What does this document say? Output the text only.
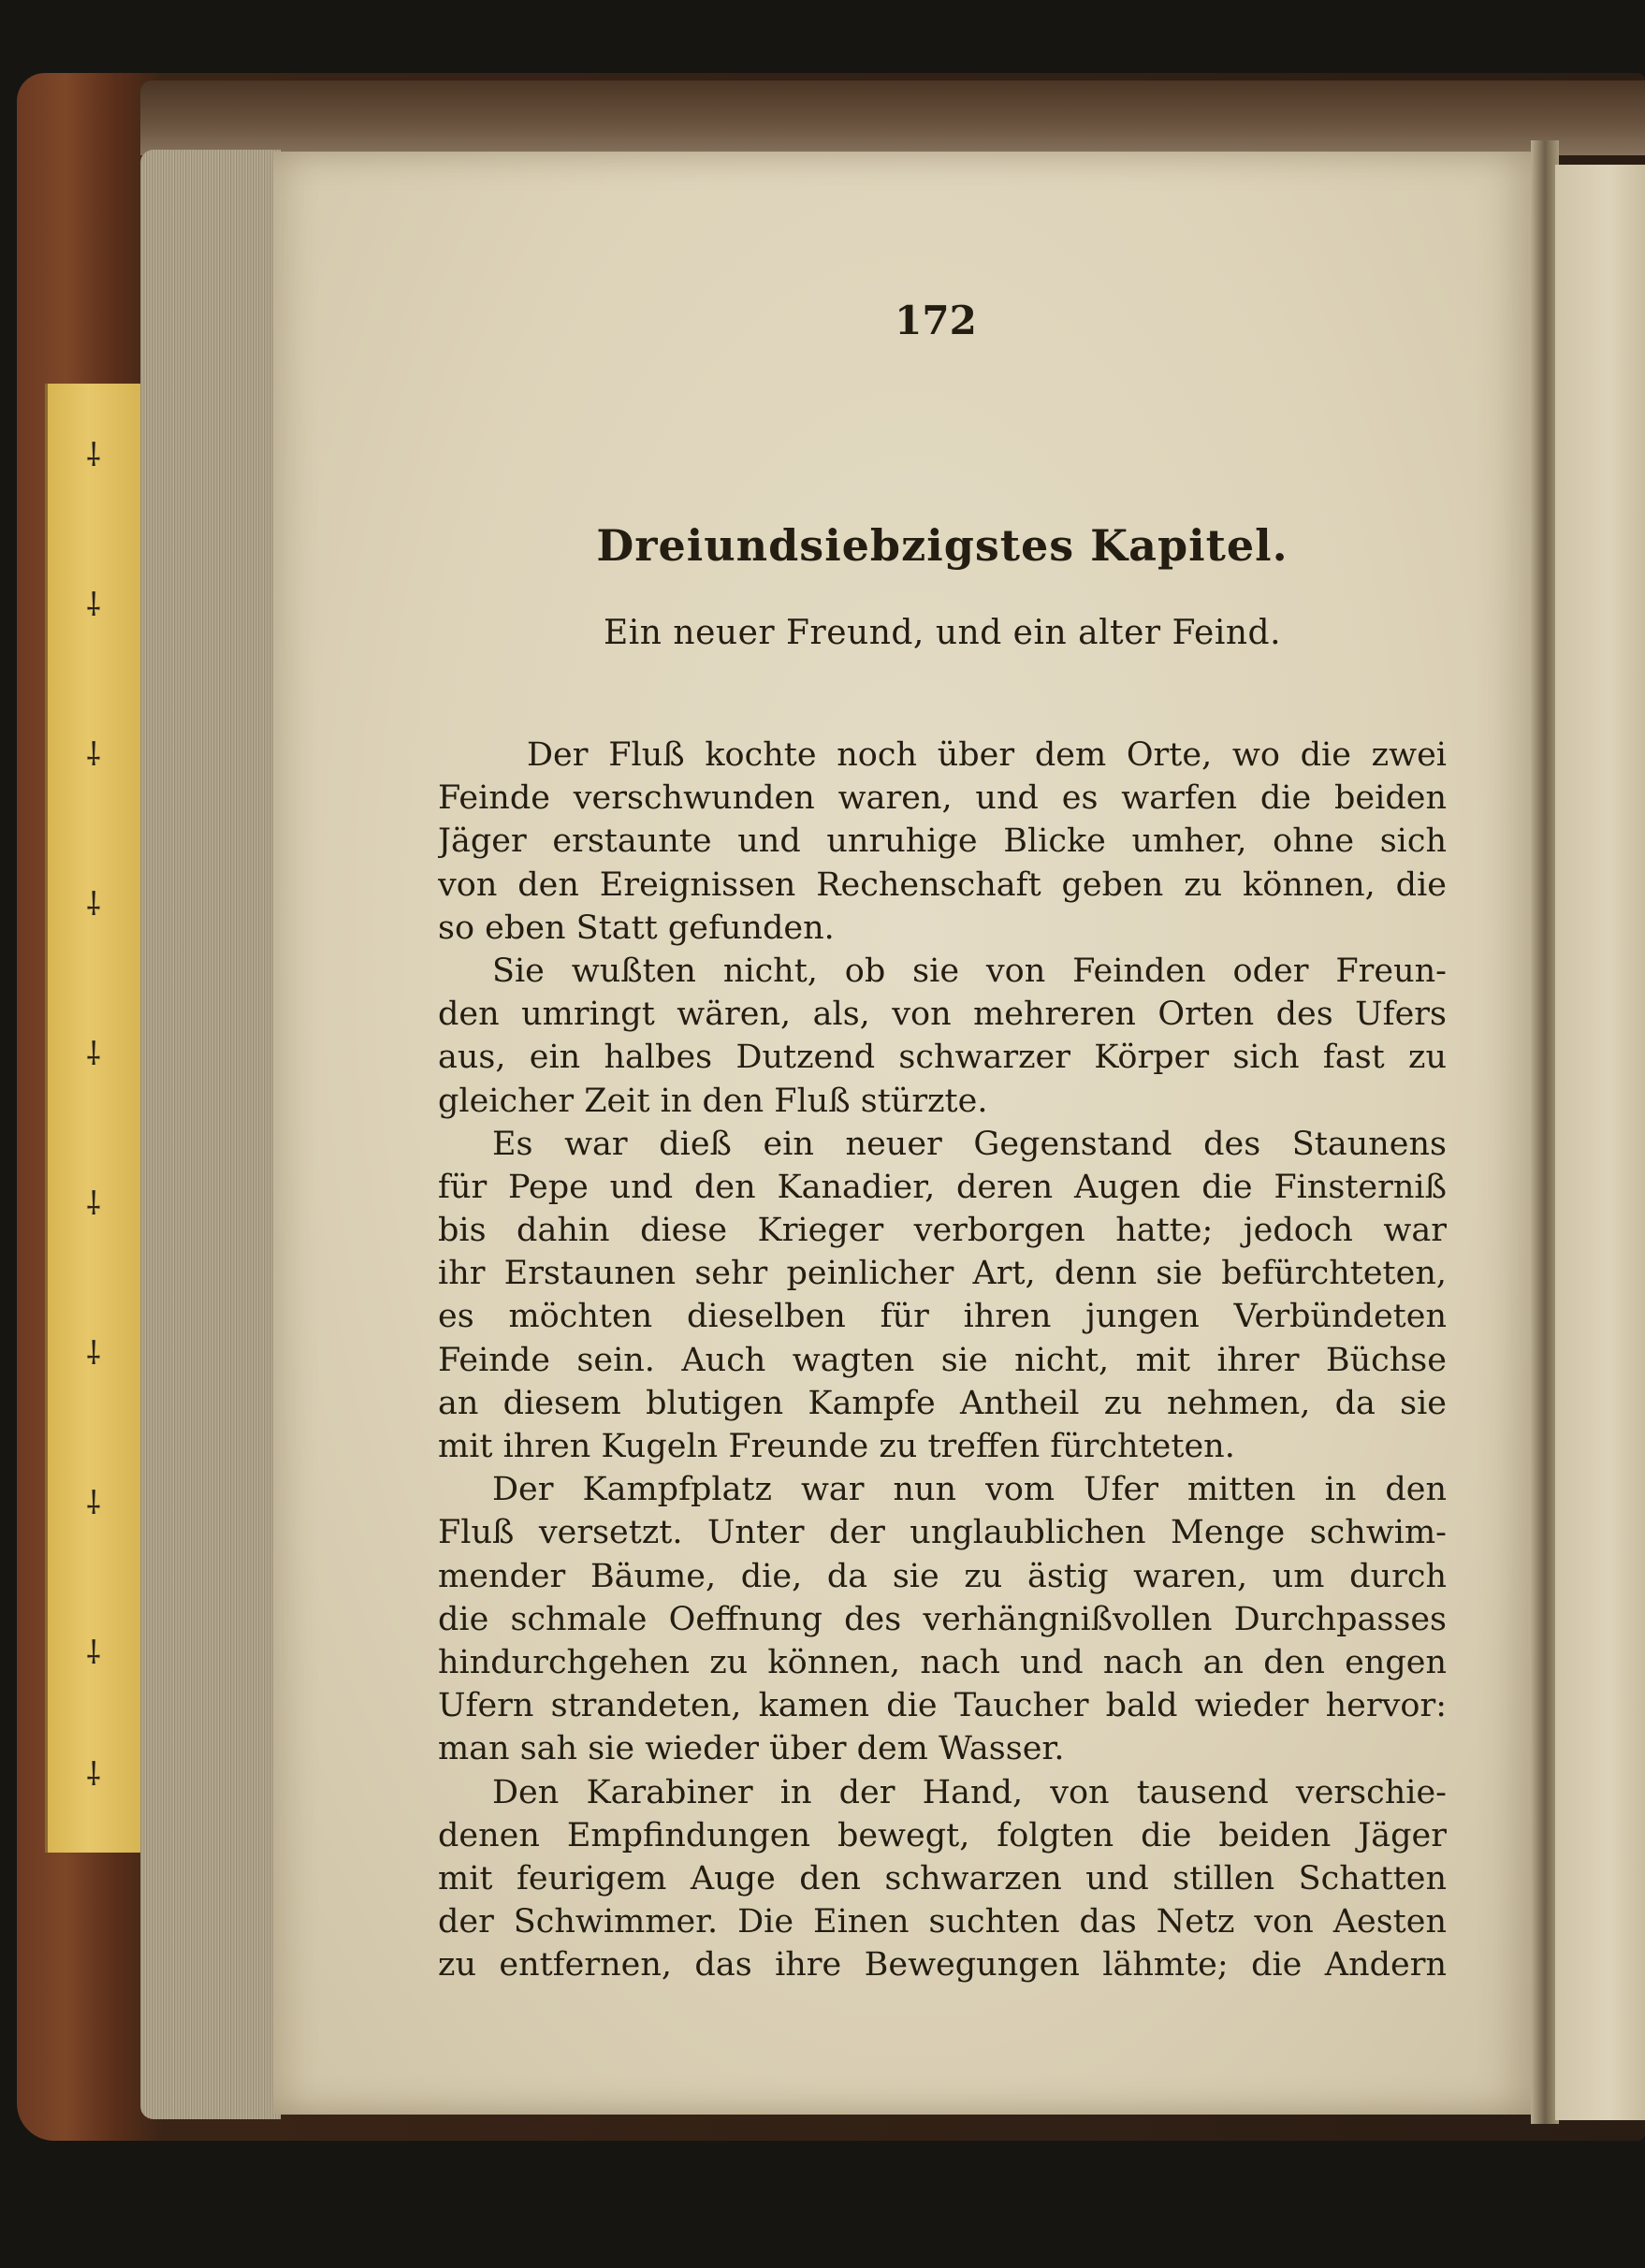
⸸
⸸
⸸
⸸
⸸
⸸
⸸
⸸
⸸
⸸
172
Dreiundsiebzigstes Kapitel.
Ein neuer Freund, und ein alter Feind.
Der Fluß kochte noch über dem Orte, wo die zwei
Feinde verschwunden waren, und es warfen die beiden
Jäger erstaunte und unruhige Blicke umher, ohne sich
von den Ereignissen Rechenschaft geben zu können, die
so eben Statt gefunden.
Sie wußten nicht, ob sie von Feinden oder Freun-
den umringt wären, als, von mehreren Orten des Ufers
aus, ein halbes Dutzend schwarzer Körper sich fast zu
gleicher Zeit in den Fluß stürzte.
Es war dieß ein neuer Gegenstand des Staunens
für Pepe und den Kanadier, deren Augen die Finsterniß
bis dahin diese Krieger verborgen hatte; jedoch war
ihr Erstaunen sehr peinlicher Art, denn sie befürchteten,
es möchten dieselben für ihren jungen Verbündeten
Feinde sein. Auch wagten sie nicht, mit ihrer Büchse
an diesem blutigen Kampfe Antheil zu nehmen, da sie
mit ihren Kugeln Freunde zu treffen fürchteten.
Der Kampfplatz war nun vom Ufer mitten in den
Fluß versetzt. Unter der unglaublichen Menge schwim-
mender Bäume, die, da sie zu ästig waren, um durch
die schmale Oeffnung des verhängnißvollen Durchpasses
hindurchgehen zu können, nach und nach an den engen
Ufern strandeten, kamen die Taucher bald wieder hervor:
man sah sie wieder über dem Wasser.
Den Karabiner in der Hand, von tausend verschie-
denen Empfindungen bewegt, folgten die beiden Jäger
mit feurigem Auge den schwarzen und stillen Schatten
der Schwimmer. Die Einen suchten das Netz von Aesten
zu entfernen, das ihre Bewegungen lähmte; die Andern
